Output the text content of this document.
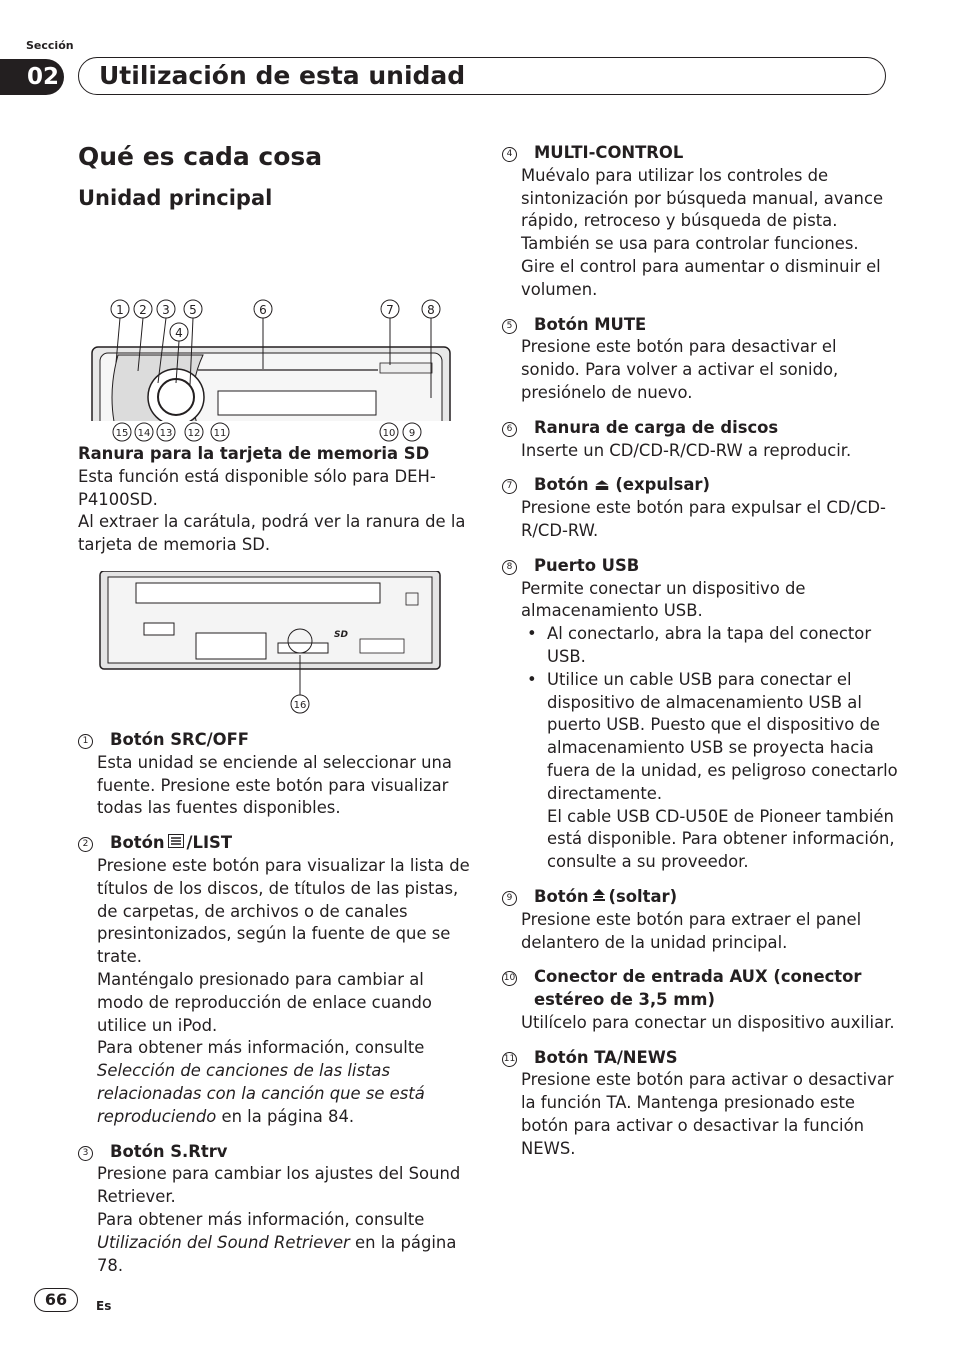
Sección
02 Utilización de esta unidad
Qué es cada cosa
Unidad principal
1 2 3 5
4
6	7	8
15 14 13 12 11	10 9
Ranura para la tarjeta de memoria SD
Esta función está disponible sólo para DEH-P4100SD.
Al extraer la carátula, podrá ver la ranura de la tarjeta de memoria SD.
SD
16
1	Botón SRC/OFF

Esta unidad se enciende al seleccionar una fuente. Presione este botón para visualizar todas las fuentes disponibles.

2	Botón /LIST

Presione este botón para visualizar la lista de títulos de los discos, de títulos de las pistas, de carpetas, de archivos o de canales presintonizados, según la fuente de que se trate.

Manténgalo presionado para cambiar al modo de reproducción de enlace cuando utilice un iPod.

Para obtener más información, consulte Selección de canciones de las listas relacionadas con la canción que se está reproduciendo en la página 84.

3	Botón S.Rtrv

Presione para cambiar los ajustes del Sound Retriever.

Para obtener más información, consulte Utilización del Sound Retriever en la página 78.

4	MULTI-CONTROL

Muévalo para utilizar los controles de sintonización por búsqueda manual, avance rápido, retroceso y búsqueda de pista. También se usa para controlar funciones.

Gire el control para aumentar o disminuir el volumen.

5	Botón MUTE

Presione este botón para desactivar el sonido. Para volver a activar el sonido, presiónelo de nuevo.

6	Ranura de carga de discos

Inserte un CD/CD-R/CD-RW a reproducir.

7	Botón ⏏ (expulsar)

Presione este botón para expulsar el CD/CD-R/CD-RW.

8	Puerto USB

Permite conectar un dispositivo de almacenamiento USB.

• Al conectarlo, abra la tapa del conector USB.
• Utilice un cable USB para conectar el dispositivo de almacenamiento USB al puerto USB. Puesto que el dispositivo de almacenamiento USB se proyecta hacia fuera de la unidad, es peligroso conectarlo directamente.
El cable USB CD-U50E de Pioneer también está disponible. Para obtener información, consulte a su proveedor.
9	Botón (soltar)

Presione este botón para extraer el panel delantero de la unidad principal.

10	Conector de entrada AUX (conector estéreo de 3,5 mm)

Utilícelo para conectar un dispositivo auxiliar.

11	Botón TA/NEWS

Presione este botón para activar o desactivar la función TA. Mantenga presionado este botón para activar o desactivar la función NEWS.

66	Es
